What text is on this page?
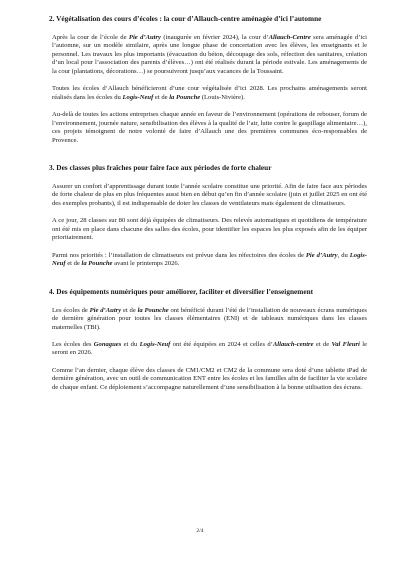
2. Végétalisation des cours d’écoles : la cour d’Allauch-centre aménagée d’ici l’automne

Après la cour de l’école de Pie d’Autry (inaugurée en février 2024), la cour d’Allauch-Centre sera aménagée d’ici l’automne, sur un modèle similaire, après une longue phase de concertation avec les élèves, les enseignants et le personnel. Les travaux les plus importants (évacuation du béton, découpage des sols, réfection des sanitaires, création d’un local pour l’association des parents d’élèves…) ont été réalisés durant la période estivale. Les aménagements de la cour (plantations, décorations…) se poursuivront jusqu’aux vacances de la Toussaint.

Toutes les écoles d’Allauch bénéficieront d’une cour végétalisée d’ici 2028. Les prochains aménagements seront réalisés dans les écoles du Logis-Neuf et de la Pounche (Louis-Nivière).

Au-delà de toutes les actions entreprises chaque année en faveur de l’environnement (opérations de rebouser, forum de l’environnement, journée nature, sensibilisation des élèves à la qualité de l’air, lutte contre le gaspillage alimentaire…), ces projets témoignent de notre volonté de faire d’Allauch une des premières communes éco-responsables de Provence.

3. Des classes plus fraîches pour faire face aux périodes de forte chaleur

Assurer un confort d’apprentissage durant toute l’année scolaire constitue une priorité. Afin de faire face aux périodes de forte chaleur de plus en plus fréquentes aussi bien en début qu’en fin d’année scolaire (juin et juillet 2025 en ont été des exemples probants), il est indispensable de doter les classes de ventilateurs mais également de climatiseurs.

A ce jour, 28 classes sur 80 sont déjà équipées de climatiseurs. Des relevés automatiques et quotidiens de température ont été mis en place dans chacune des salles des écoles, pour identifier les espaces les plus exposés afin de les équiper prioritairement.

Parmi nos priorités : l’installation de climatiseurs est prévue dans les réfectoires des écoles de Pie d’Autry, du Logis-Neuf et de la Pounche avant le printemps 2026.

4. Des équipements numériques pour améliorer, faciliter et diversifier l’enseignement

Les écoles de Pie d’Autry et de la Pounche ont bénéficié durant l’été de l’installation de nouveaux écrans numériques de dernière génération pour toutes les classes élémentaires (ENI) et de tableaux numériques dans les classes maternelles (TBI).

Les écoles des Gonagues et du Logis-Neuf ont été équipées en 2024 et celles d’Allauch-centre et de Val Fleuri le seront en 2026.

Comme l’an dernier, chaque élève des classes de CM1/CM2 et CM2 de la commune sera doté d’une tablette iPad de dernière génération, avec un outil de communication ENT entre les écoles et les familles afin de faciliter la vie scolaire de chaque enfant. Ce déploiement s’accompagne naturellement d’une sensibilisation à la bonne utilisation des écrans.

2/4
